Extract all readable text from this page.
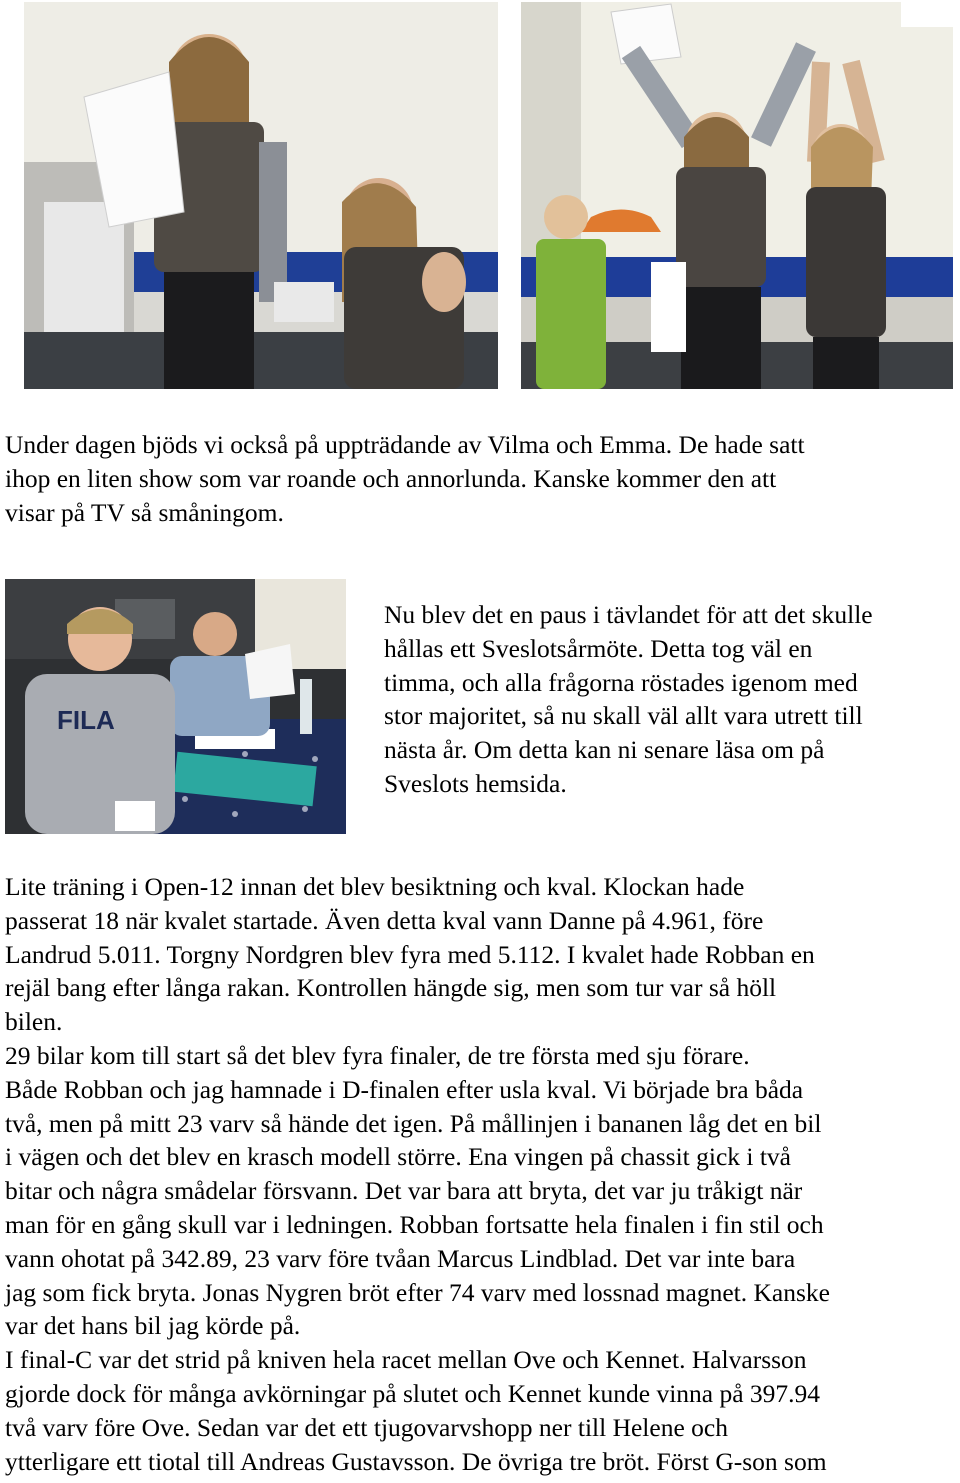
FILA

Under dagen bjöds vi också på uppträdande av Vilma och Emma. De hade satt
ihop en liten show som var roande och annorlunda. Kanske kommer den att
visar på TV så småningom.

Nu blev det en paus i tävlandet för att det skulle
hållas ett Sveslotsårmöte. Detta tog väl en
timma, och alla frågorna röstades igenom med
stor majoritet, så nu skall väl allt vara utrett till
nästa år. Om detta kan ni senare läsa om på
Sveslots hemsida.

Lite träning i Open-12 innan det blev besiktning och kval. Klockan hade
passerat 18 när kvalet startade. Även detta kval vann Danne på 4.961, före
Landrud 5.011. Torgny Nordgren blev fyra med 5.112. I kvalet hade Robban en
rejäl bang efter långa rakan. Kontrollen hängde sig, men som tur var så höll
bilen.
29 bilar kom till start så det blev fyra finaler, de tre första med sju förare.
Både Robban och jag hamnade i D-finalen efter usla kval. Vi började bra båda
två, men på mitt 23 varv så hände det igen. På mållinjen i bananen låg det en bil
i vägen och det blev en krasch modell större. Ena vingen på chassit gick i två
bitar och några smådelar försvann. Det var bara att bryta, det var ju tråkigt när
man för en gång skull var i ledningen. Robban fortsatte hela finalen i fin stil och
vann ohotat på 342.89, 23 varv före tvåan Marcus Lindblad. Det var inte bara
jag som fick bryta. Jonas Nygren bröt efter 74 varv med lossnad magnet. Kanske
var det hans bil jag körde på.
I final-C var det strid på kniven hela racet mellan Ove och Kennet. Halvarsson
gjorde dock för många avkörningar på slutet och Kennet kunde vinna på 397.94
två varv före Ove. Sedan var det ett tjugovarvshopp ner till Helene och
ytterligare ett tiotal till Andreas Gustavsson. De övriga tre bröt. Först G-son som
